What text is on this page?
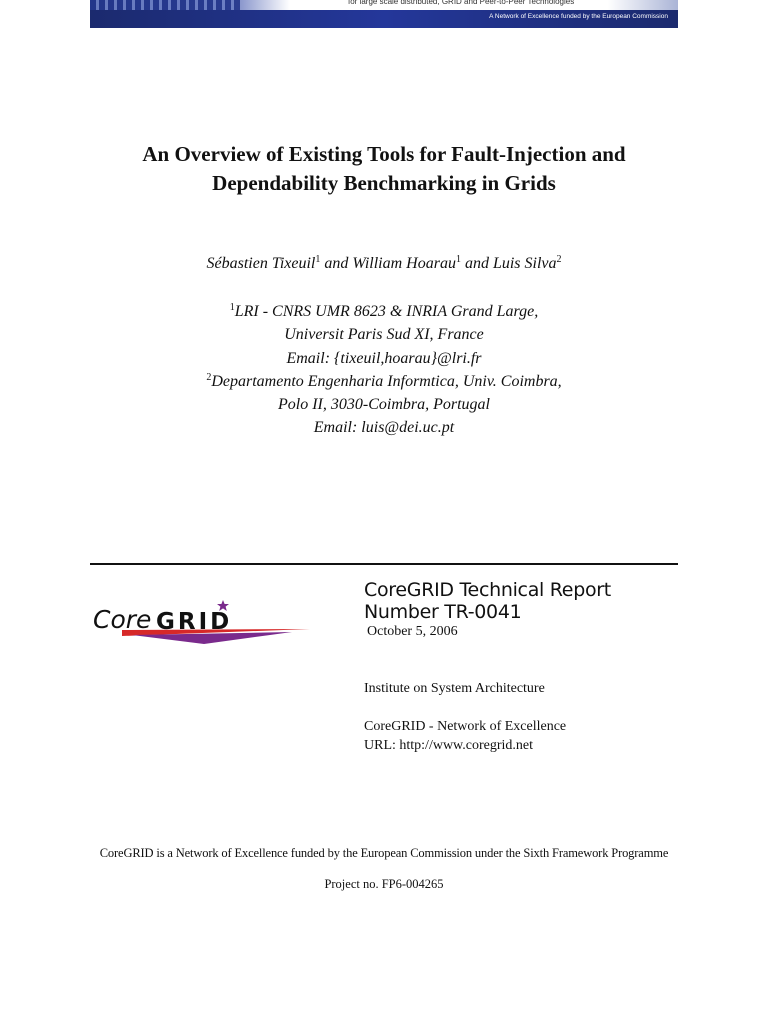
for large scale distributed, GRID and Peer-to-Peer Technologies
A Network of Excellence funded by the European Commission
An Overview of Existing Tools for Fault-Injection and
Dependability Benchmarking in Grids
Sébastien Tixeuil$^1$ and William Hoarau$^1$ and Luis Silva$^2$
$^1$LRI - CNRS UMR 8623 & INRIA Grand Large,
Universit Paris Sud XI, France
Email: {tixeuil,hoarau}@lri.fr
$^2$Departamento Engenharia Informtica, Univ. Coimbra,
Polo II, 3030-Coimbra, Portugal
Email: luis@dei.uc.pt
Core GRID
CoreGRID Technical Report
Number TR-0041
October 5, 2006
Institute on System Architecture
CoreGRID - Network of Excellence
URL: http://www.coregrid.net
CoreGRID is a Network of Excellence funded by the European Commission under the Sixth Framework Programme
Project no. FP6-004265
